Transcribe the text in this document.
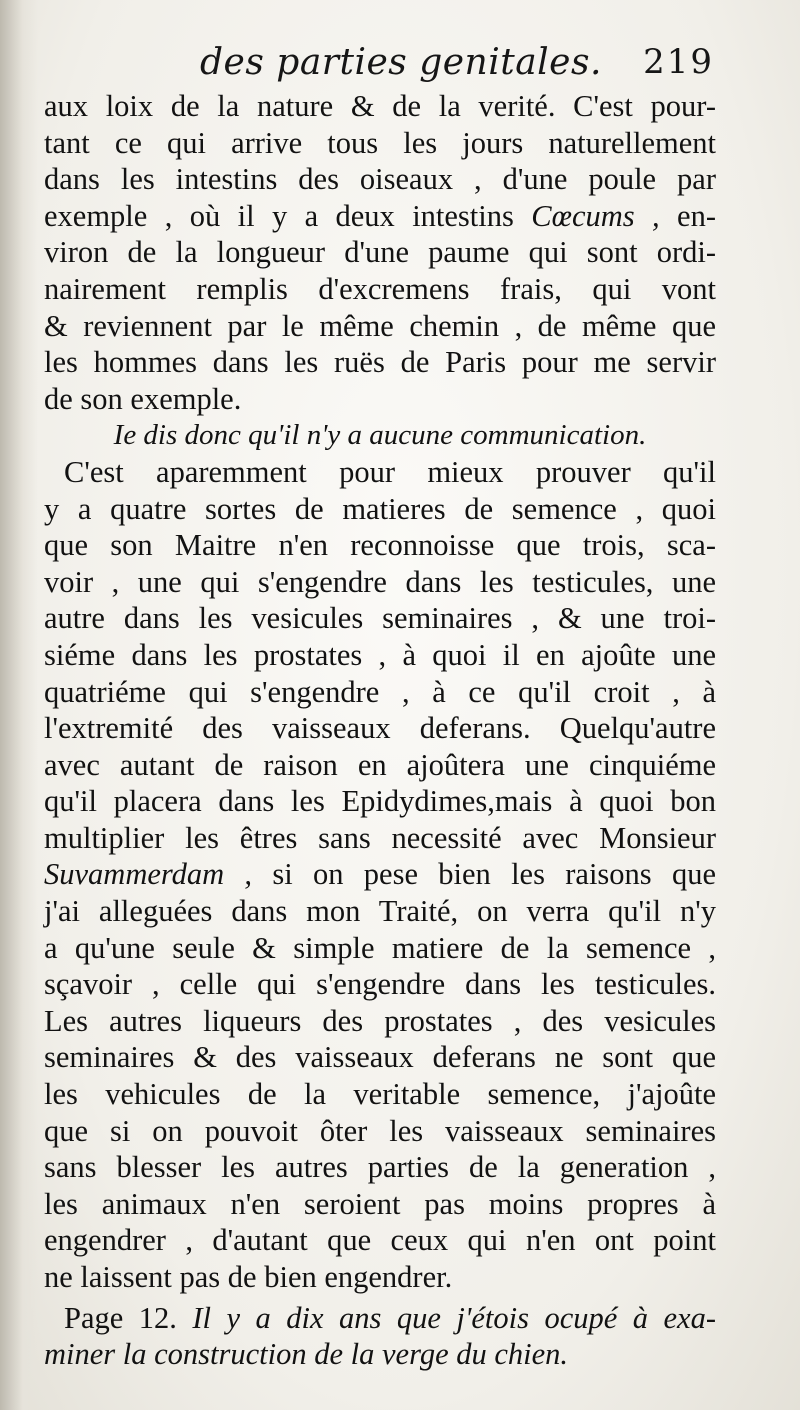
des parties genitales. 219
aux loix de la nature & de la verité. C'est pour-
tant ce qui arrive tous les jours naturellement
dans les intestins des oiseaux , d'une poule par
exemple , où il y a deux intestins Cœcums , en-
viron de la longueur d'une paume qui sont ordi-
nairement remplis d'excremens frais, qui vont
& reviennent par le même chemin , de même que
les hommes dans les ruës de Paris pour me servir
de son exemple.
Ie dis donc qu'il n'y a aucune communication.
C'est aparemment pour mieux prouver qu'il
y a quatre sortes de matieres de semence , quoi
que son Maitre n'en reconnoisse que trois, sca-
voir , une qui s'engendre dans les testicules, une
autre dans les vesicules seminaires , & une troi-
siéme dans les prostates , à quoi il en ajoûte une
quatriéme qui s'engendre , à ce qu'il croit , à
l'extremité des vaisseaux deferans. Quelqu'autre
avec autant de raison en ajoûtera une cinquiéme
qu'il placera dans les Epidydimes,mais à quoi bon
multiplier les êtres sans necessité avec Monsieur
Suvammerdam , si on pese bien les raisons que
j'ai alleguées dans mon Traité, on verra qu'il n'y
a qu'une seule & simple matiere de la semence ,
sçavoir , celle qui s'engendre dans les testicules.
Les autres liqueurs des prostates , des vesicules
seminaires & des vaisseaux deferans ne sont que
les vehicules de la veritable semence, j'ajoûte
que si on pouvoit ôter les vaisseaux seminaires
sans blesser les autres parties de la generation ,
les animaux n'en seroient pas moins propres à
engendrer , d'autant que ceux qui n'en ont point
ne laissent pas de bien engendrer.
Page 12. Il y a dix ans que j'étois ocupé à exa-
miner la construction de la verge du chien.
